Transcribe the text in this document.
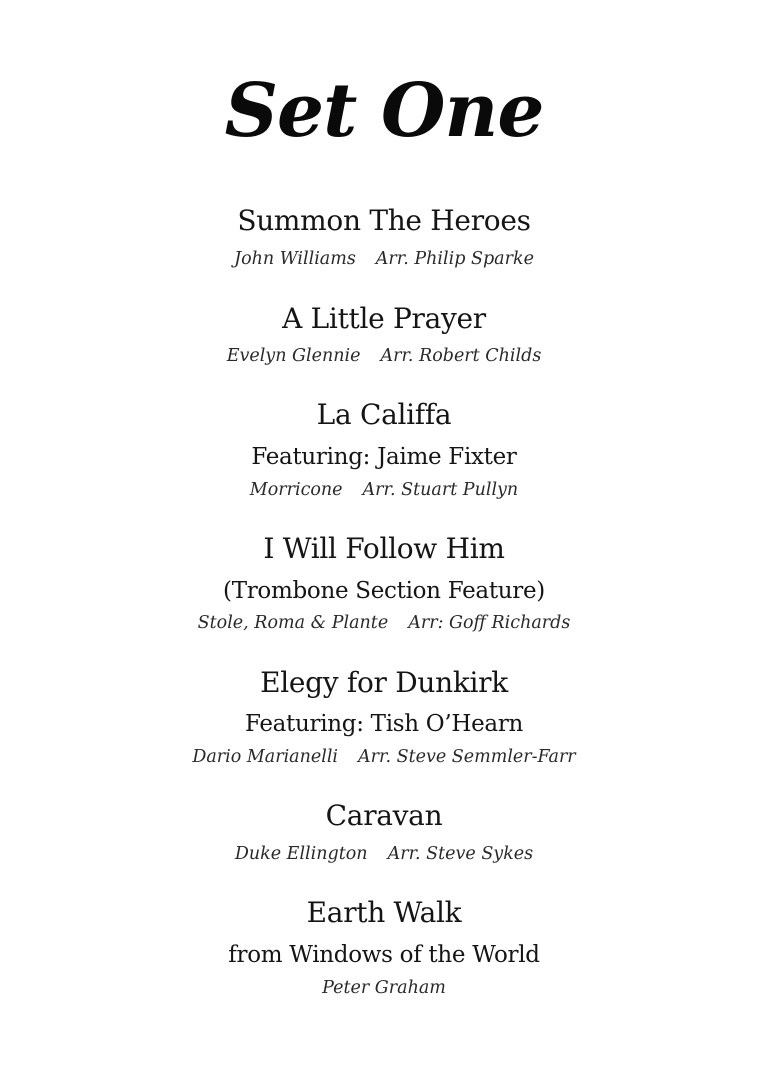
Set One
Summon The Heroes
John Williams Arr. Philip Sparke
A Little Prayer
Evelyn Glennie Arr. Robert Childs
La Califfa
Featuring: Jaime Fixter
Morricone Arr. Stuart Pullyn
I Will Follow Him
(Trombone Section Feature)
Stole, Roma & Plante Arr: Goff Richards
Elegy for Dunkirk
Featuring: Tish O’Hearn
Dario Marianelli Arr. Steve Semmler-Farr
Caravan
Duke Ellington Arr. Steve Sykes
Earth Walk
from Windows of the World
Peter Graham
